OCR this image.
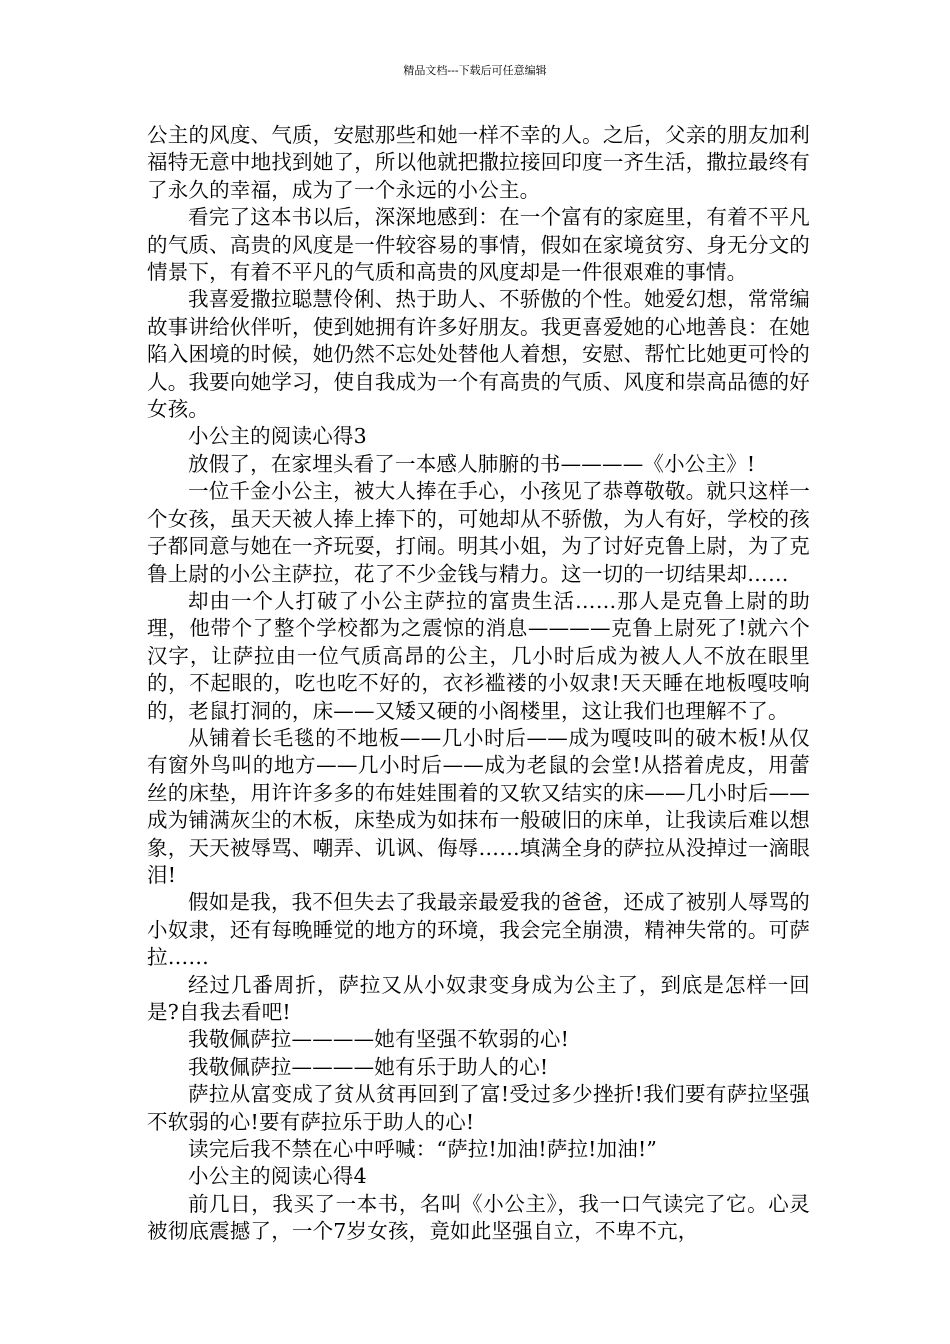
精品文档---下载后可任意编辑

公主的风度、气质，安慰那些和她一样不幸的人。之后，父亲的朋友加利福特无意中地找到她了，所以他就把撒拉接回印度一齐生活，撒拉最终有了永久的幸福，成为了一个永远的小公主。

看完了这本书以后，深深地感到：在一个富有的家庭里，有着不平凡的气质、高贵的风度是一件较容易的事情，假如在家境贫穷、身无分文的情景下，有着不平凡的气质和高贵的风度却是一件很艰难的事情。

我喜爱撒拉聪慧伶俐、热于助人、不骄傲的个性。她爱幻想，常常编故事讲给伙伴听，使到她拥有许多好朋友。我更喜爱她的心地善良：在她陷入困境的时候，她仍然不忘处处替他人着想，安慰、帮忙比她更可怜的人。我要向她学习，使自我成为一个有高贵的气质、风度和崇高品德的好女孩。

小公主的阅读心得3

放假了，在家埋头看了一本感人肺腑的书————《小公主》!

一位千金小公主，被大人捧在手心，小孩见了恭尊敬敬。就只这样一个女孩，虽天天被人捧上捧下的，可她却从不骄傲，为人有好，学校的孩子都同意与她在一齐玩耍，打闹。明其小姐，为了讨好克鲁上尉，为了克鲁上尉的小公主萨拉，花了不少金钱与精力。这一切的一切结果却……

却由一个人打破了小公主萨拉的富贵生活……那人是克鲁上尉的助理，他带个了整个学校都为之震惊的消息————克鲁上尉死了!就六个汉字，让萨拉由一位气质高昂的公主，几小时后成为被人人不放在眼里的，不起眼的，吃也吃不好的，衣衫褴褛的小奴隶!天天睡在地板嘎吱响的，老鼠打洞的，床——又矮又硬的小阁楼里，这让我们也理解不了。

从铺着长毛毯的不地板——几小时后——成为嘎吱叫的破木板!从仅有窗外鸟叫的地方——几小时后——成为老鼠的会堂!从搭着虎皮，用蕾丝的床垫，用许许多多的布娃娃围着的又软又结实的床——几小时后——成为铺满灰尘的木板，床垫成为如抹布一般破旧的床单，让我读后难以想象，天天被辱骂、嘲弄、讥讽、侮辱……填满全身的萨拉从没掉过一滴眼泪!

假如是我，我不但失去了我最亲最爱我的爸爸，还成了被别人辱骂的小奴隶，还有每晚睡觉的地方的环境，我会完全崩溃，精神失常的。可萨拉……

经过几番周折，萨拉又从小奴隶变身成为公主了，到底是怎样一回是?自我去看吧!

我敬佩萨拉————她有坚强不软弱的心!

我敬佩萨拉————她有乐于助人的心!

萨拉从富变成了贫从贫再回到了富!受过多少挫折!我们要有萨拉坚强不软弱的心!要有萨拉乐于助人的心!

读完后我不禁在心中呼喊：“萨拉!加油!萨拉!加油!”

小公主的阅读心得4

前几日，我买了一本书，名叫《小公主》，我一口气读完了它。心灵被彻底震撼了，一个7岁女孩，竟如此坚强自立，不卑不亢，
